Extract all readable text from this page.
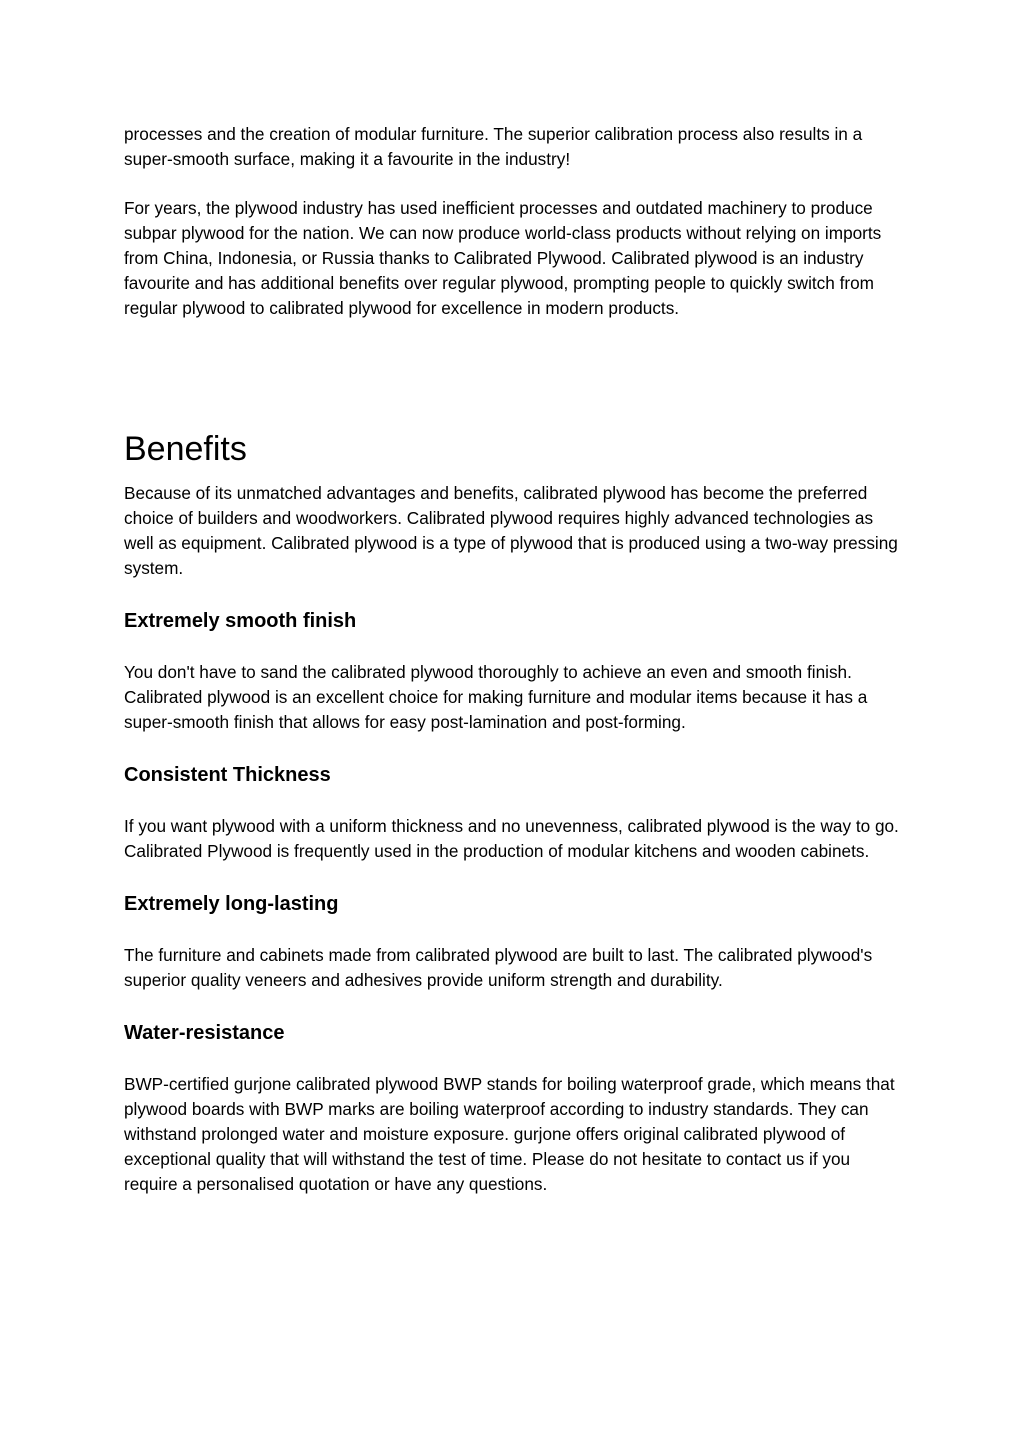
processes and the creation of modular furniture. The superior calibration process also results in a super-smooth surface, making it a favourite in the industry!

For years, the plywood industry has used inefficient processes and outdated machinery to produce subpar plywood for the nation. We can now produce world-class products without relying on imports from China, Indonesia, or Russia thanks to Calibrated Plywood. Calibrated plywood is an industry favourite and has additional benefits over regular plywood, prompting people to quickly switch from regular plywood to calibrated plywood for excellence in modern products.

Benefits

Because of its unmatched advantages and benefits, calibrated plywood has become the preferred choice of builders and woodworkers. Calibrated plywood requires highly advanced technologies as well as equipment. Calibrated plywood is a type of plywood that is produced using a two-way pressing system.

Extremely smooth finish

You don't have to sand the calibrated plywood thoroughly to achieve an even and smooth finish. Calibrated plywood is an excellent choice for making furniture and modular items because it has a super-smooth finish that allows for easy post-lamination and post-forming.

Consistent Thickness

If you want plywood with a uniform thickness and no unevenness, calibrated plywood is the way to go. Calibrated Plywood is frequently used in the production of modular kitchens and wooden cabinets.

Extremely long-lasting

The furniture and cabinets made from calibrated plywood are built to last. The calibrated plywood's superior quality veneers and adhesives provide uniform strength and durability.

Water-resistance

BWP-certified gurjone calibrated plywood BWP stands for boiling waterproof grade, which means that plywood boards with BWP marks are boiling waterproof according to industry standards. They can withstand prolonged water and moisture exposure. gurjone offers original calibrated plywood of exceptional quality that will withstand the test of time. Please do not hesitate to contact us if you require a personalised quotation or have any questions.
